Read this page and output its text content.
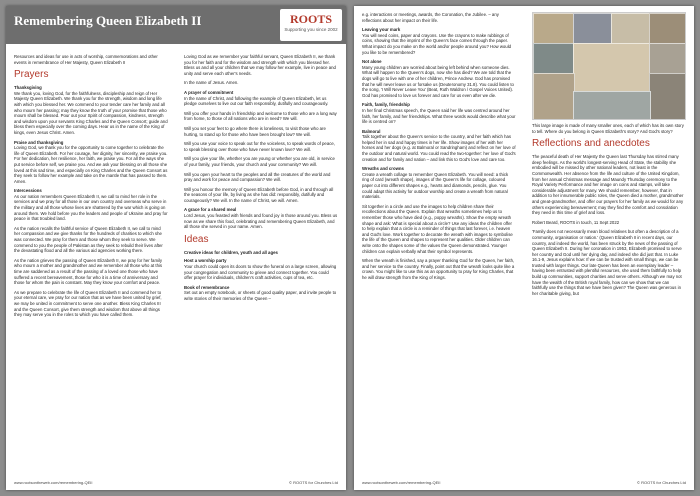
Remembering Queen Elizabeth II	ROOTS
Supporting you since 2002

Resources and ideas for use in acts of worship, commemorations and other events in remembrance of Her Majesty, Queen Elizabeth II

Prayers
Thanksgiving

We thank you, loving God, for the faithfulness, discipleship and reign of Her Majesty Queen Elizabeth. We thank you for the strength, wisdom and long life with which you blessed her. We commend to your tender care her family and all who mourn her passing; may they know the truth of your promise that those who mourn shall be blessed. Pour out your Spirit of compassion, kindness, strength and wisdom upon your servants King Charles and the Queen Consort; guide and bless them especially over the coming days. Hear us in the name of the King of kings, even Jesus Christ. Amen.

Praise and thanksgiving

Loving God, we thank you for the opportunity to come together to celebrate the life of Queen Elizabeth. For her courage, her dignity, her sincerity, we praise you. For her dedication, her resilience, her faith, we praise you. For all the ways she put service before self, we praise you. And we ask your blessing on all those she loved at this sad time, and especially on King Charles and the Queen Consort as they seek to follow her example and take on the mantle that has passed to them. Amen.

Intercessions

As our nation remembers Queen Elizabeth II, we call to mind her role in the services and we pray for all those in our own country and overseas who serve in the military and all those whose lives are shattered by the war which is going on around them. We hold before you the leaders and people of Ukraine and pray for peace in that troubled land.

As the nation recalls the faithful service of Queen Elizabeth II, we call to mind her compassion and we give thanks for the hundreds of charities to which she was connected. We pray for them and those whom they seek to serve. We commend to you the people of Pakistan as they seek to rebuild their lives after the devastating flood and all the various aid agencies working there.

As the nation grieves the passing of Queen Elizabeth II, we pray for her family who mourn a mother and grandmother and we remember all those who at this time are saddened as a result of the passing of a loved one those who have suffered a recent bereavement, those for who it is a time of anniversary and those for whom the pain is constant. May they know your comfort and peace.

As we prepare to celebrate the life of Queen Elizabeth II and commend her to your eternal care, we pray for our nation that as we have been united by grief, we may be united in commitment to serve one another. Bless King Charles III and the Queen Consort, give them strength and wisdom that above all things they may serve you in the roles to which you have called them.

Loving God as we remember your faithful servant, Queen Elizabeth II, we thank you for her faith and for the wisdom and strength with which you blessed her. Bless us and all your children that we may follow her example, live in peace and unity and serve each other's needs.

In the name of Jesus. Amen.

A prayer of commitment

In the name of Christ, and following the example of Queen Elizabeth, let us pledge ourselves to live out our faith responsibly, dutifully and courageously.

Will you offer your hands in friendship and welcome to those who are a long way from home, to those of all nations who are in need? We will.

Will you set your feet to go where there is loneliness, to visit those who are hurting, to stand up for those who have been brought low? We will.

Will you use your voice to speak out for the voiceless, to speak words of peace, to speak blessing over those who have never known love? We will.

Will you give your life, whether you are young or whether you are old, in service of your family, your friends, your church and your community? We will.

Will you open your heart to the peoples and all the creatures of the world and pray and work for peace and compassion? We will.

Will you honour the memory of Queen Elizabeth before God, in and through all the seasons of your life, by living as she has did: responsibly, dutifully and courageously? We will. In the name of Christ, we will. Amen.

A grace for a shared meal

Lord Jesus, you feasted with friends and found joy in those around you. Bless us now as we share this food, celebrating and remembering Queen Elizabeth, and all those she served in your name. Amen.

Ideas
Creative ideas for children, youth and all ages
Host a worship party

Your church could open its doors to show the funeral on a large screen, allowing your congregation and community to grieve and connect together. You could offer prayer for individuals, children's craft activities, cups of tea, etc.

Book of remembrance

Set out an empty notebook, or sheets of good quality paper, and invite people to write stories of their memories of the Queen –

www.rootsontheweb.com/remembering-QEII	© ROOTS for Churches Ltd

e.g. interactions or meetings, awards, the Coronation, the Jubilee. – any reflections about her impact on their life.

Leaving your mark

You will need coins, paper and crayons. Use the crayons to make rubbings of coins, showing that the imprint of the Queen's face comes through the paper. What impact do you make on the world and/or people around you? How would you like to be remembered?

Not alone

Many young children are worried about being left behind when someone dies. What will happen to the Queen's dogs, now she has died? We are told that the dogs will go to live with one of her children, Prince Andrew. God has promised that he will never leave us or forsake us (Deuteronomy 31.8). You could listen to the song, 'I Will Never Leave You' (Beat, Ruth Waldron / Gospel Voices United). God has promised to love us forever and care for us even after we die.

Faith, family, friendship

In her final Christmas speech, the Queen said her life was centred around her faith, her family, and her friendships. What three words would describe what your life is centred on?

Balmoral

Talk together about the Queen's service to the country, and her faith which has helped her in sad and happy times in her life. Show images of her with her horses and her dogs (e.g. at Balmoral or Sandringham) and reflect on her love of the outdoor and natural world. You could read the two-together: her love of God's creation and for family and nation – and link this to God's love and care too.

Wreaths and crowns

Create a wreath collage to remember Queen Elizabeth. You will need: a thick ring of card (wreath shape), images of the Queen's life for collage, coloured paper cut into different shapes e.g., hearts and diamonds, pencils, glue. You could adapt this activity for outdoor worship and create a wreath from natural materials.

Sit together in a circle and use the images to help children share their recollections about the Queen. Explain that wreaths sometimes help us to remember those who have died (e.g., poppy wreaths). Show the empty wreath shape and ask: What is special about a circle? Use any ideas the children offer to help explain that a circle is a reminder of things that last forever, i.e. heaven and God's love. Work together to decorate the wreath with images to symbolise the life of the Queen and shapes to represent her qualities. Older children can write onto the shapes some of the values the Queen demonstrated. Younger children can explain verbally what their symbol represents.

When the wreath is finished, say a prayer thanking God for the Queen, her faith, and her service to the country. Finally, point out that the wreath looks quite like a crown. You might like to use this as an opportunity to pray for King Charles, that he will draw strength from the King of Kings.

This large image is made of many smaller ones, each of which has its own story to tell. Where do you belong in Queen Elizabeth's story? And God's story?

Reflections and anecdotes

The peaceful death of Her Majesty the Queen last Thursday has stirred many deep feelings. As the world's longest-serving Head of State, the stability she embodied will be missed by other national leaders, not least in the Commonwealth. Her absence from the life and culture of the United Kingdom, from her annual Christmas message and Maundy Thursday ceremony to the Royal Variety Performance and her image on coins and stamps, will take considerable adjustment for many. We should remember, however, that in addition to her innumerable public roles, the Queen died a mother, grandmother and great-grandmother, and offer our prayers for her family as we would for any others experiencing bereavement; may they find the comfort and consolation they need in this time of grief and loss.

Robert Beard, ROOTS in touch, 11 Sept 2022

'Family does not necessarily mean blood relatives but often a description of a community, organisation or nation.' (Queen Elizabeth II in recent days, our country, and indeed the world, has been struck by the news of the passing of Queen Elizabeth II. During her coronation in 1953, Elizabeth promised to serve her country and God until her dying day, and indeed she did just that. In Luke 16.1-9, Jesus explains how: If we can be trusted with small things, we can be trusted with larger things. Our late Queen has been an exemplary leader – having been entrusted with plentiful resources, she used them faithfully to help build up communities, support charities and serve others. Although we may not have the wealth of the British royal family, how can we show that we can faithfully use the things that we have been given? The Queen was generous in her charitable giving, but

www.rootsontheweb.com/remembering-QEII	© ROOTS for Churches Ltd
